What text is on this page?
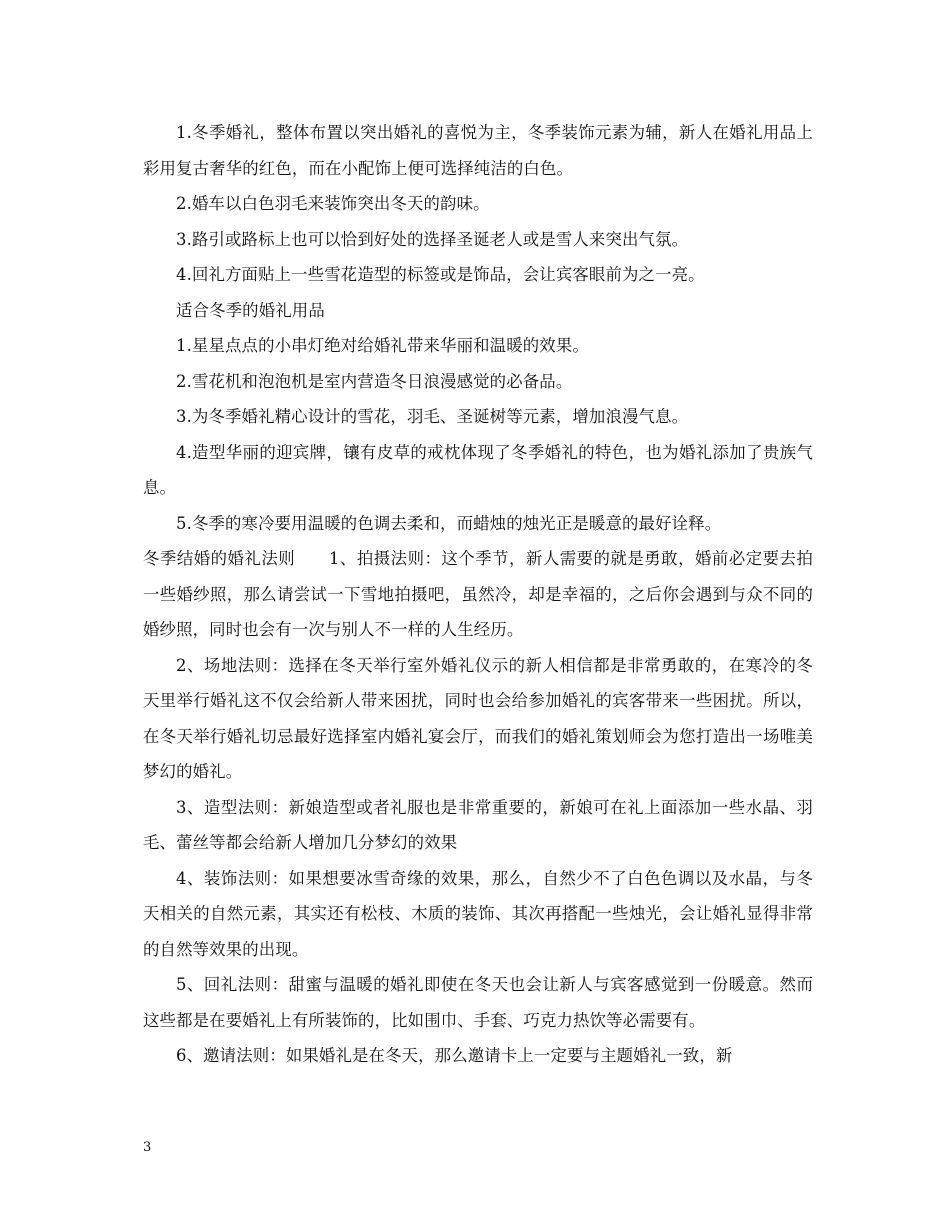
1.冬季婚礼，整体布置以突出婚礼的喜悦为主，冬季装饰元素为辅，新人在婚礼用品上彩用复古奢华的红色，而在小配饰上便可选择纯洁的白色。

2.婚车以白色羽毛来装饰突出冬天的韵味。

3.路引或路标上也可以恰到好处的选择圣诞老人或是雪人来突出气氛。

4.回礼方面贴上一些雪花造型的标签或是饰品，会让宾客眼前为之一亮。

适合冬季的婚礼用品

1.星星点点的小串灯绝对给婚礼带来华丽和温暖的效果。

2.雪花机和泡泡机是室内营造冬日浪漫感觉的必备品。

3.为冬季婚礼精心设计的雪花，羽毛、圣诞树等元素，增加浪漫气息。

4.造型华丽的迎宾牌，镶有皮草的戒枕体现了冬季婚礼的特色，也为婚礼添加了贵族气息。

5.冬季的寒冷要用温暖的色调去柔和，而蜡烛的烛光正是暖意的最好诠释。

冬季结婚的婚礼法则　　1、拍摄法则：这个季节，新人需要的就是勇敢，婚前必定要去拍一些婚纱照，那么请尝试一下雪地拍摄吧，虽然冷，却是幸福的，之后你会遇到与众不同的婚纱照，同时也会有一次与别人不一样的人生经历。

2、场地法则：选择在冬天举行室外婚礼仪示的新人相信都是非常勇敢的，在寒冷的冬天里举行婚礼这不仅会给新人带来困扰，同时也会给参加婚礼的宾客带来一些困扰。所以，在冬天举行婚礼切忌最好选择室内婚礼宴会厅，而我们的婚礼策划师会为您打造出一场唯美梦幻的婚礼。

3、造型法则：新娘造型或者礼服也是非常重要的，新娘可在礼上面添加一些水晶、羽毛、蕾丝等都会给新人增加几分梦幻的效果

4、装饰法则：如果想要冰雪奇缘的效果，那么，自然少不了白色色调以及水晶，与冬天相关的自然元素，其实还有松枝、木质的装饰、其次再搭配一些烛光，会让婚礼显得非常的自然等效果的出现。

5、回礼法则：甜蜜与温暖的婚礼即使在冬天也会让新人与宾客感觉到一份暖意。然而这些都是在要婚礼上有所装饰的，比如围巾、手套、巧克力热饮等必需要有。

6、邀请法则：如果婚礼是在冬天，那么邀请卡上一定要与主题婚礼一致，新

3
